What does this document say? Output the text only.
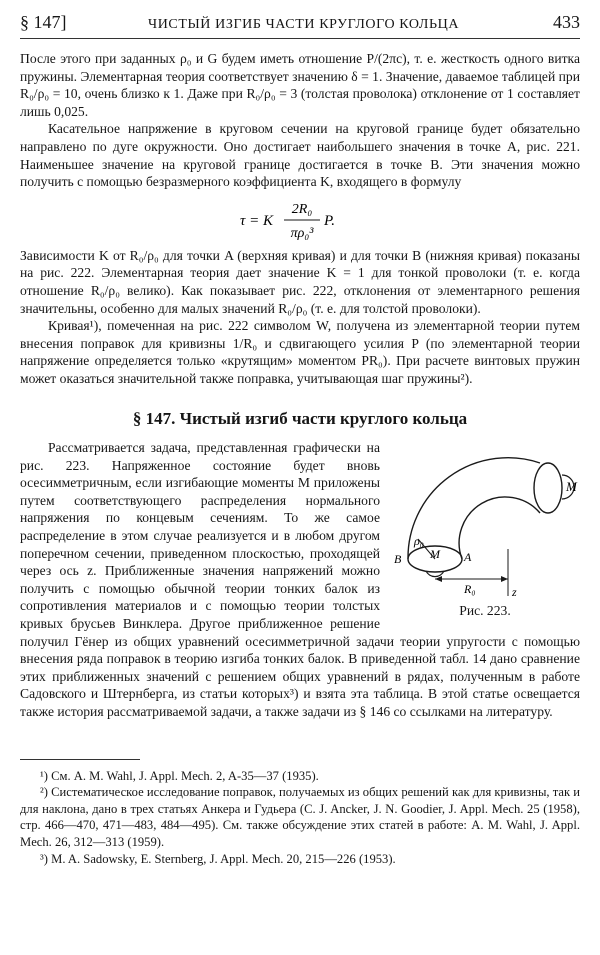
§ 147]	ЧИСТЫЙ ИЗГИБ ЧАСТИ КРУГЛОГО КОЛЬЦА	433

После этого при заданных ρ₀ и G будем иметь отношение P/(2πc), т. е. жесткость одного витка пружины. Элементарная теория соответствует значению δ = 1. Значение, даваемое таблицей при R₀/ρ₀ = 10, очень близко к 1. Даже при R₀/ρ₀ = 3 (толстая проволока) отклонение от 1 составляет лишь 0,025.

Касательное напряжение в круговом сечении на круговой границе будет обязательно направлено по дуге окружности. Оно достигает наибольшего значения в точке A, рис. 221. Наименьшее значение на круговой границе достигается в точке B. Эти значения можно получить с помощью безразмерного коэффициента K, входящего в формулу

τ = K
2R₀
πρ₀³
P.

Зависимости K от R₀/ρ₀ для точки A (верхняя кривая) и для точки B (нижняя кривая) показаны на рис. 222. Элементарная теория дает значение K = 1 для тонкой проволоки (т. е. когда отношение R₀/ρ₀ велико). Как показывает рис. 222, отклонения от элементарного решения значительны, особенно для малых значений R₀/ρ₀ (т. е. для толстой проволоки).

Кривая¹), помеченная на рис. 222 символом W, получена из элементарной теории путем внесения поправок для кривизны 1/R₀ и сдвигающего усилия P (по элементарной теории напряжение определяется только «крутящим» моментом PR₀). При расчете винтовых пружин может оказаться значительной также поправка, учитывающая шаг пружины²).

§ 147. Чистый изгиб части круглого кольца
M
M
ρ₀
A
B
R₀	z
Рис. 223.

Рассматривается задача, представленная графически на рис. 223. Напряженное состояние будет вновь осесимметричным, если изгибающие моменты M приложены путем соответствующего распределения нормального напряжения по концевым сечениям. То же самое распределение в этом случае реализуется и в любом другом поперечном сечении, приведенном плоскостью, проходящей через ось z. Приближенные значения напряжений можно получить с помощью обычной теории тонких балок из сопротивления материалов и с помощью теории толстых кривых брусьев Винклера. Другое приближенное решение получил Гёнер из общих уравнений осесимметричной задачи теории упругости с помощью внесения ряда поправок в теорию изгиба тонких балок. В приведенной табл. 14 дано сравнение этих приближенных значений с решением общих уравнений в рядах, полученным в работе Садовского и Штернберга, из статьи которых³) и взята эта таблица. В этой статье освещается также история рассматриваемой задачи, а также задачи из § 146 со ссылками на литературу.

¹) См. A. M. Wahl, J. Appl. Mech. 2, A-35—37 (1935).

²) Систематическое исследование поправок, получаемых из общих решений как для кривизны, так и для наклона, дано в трех статьях Анкера и Гудьера (C. J. Ancker, J. N. Goodier, J. Appl. Mech. 25 (1958), стр. 466—470, 471—483, 484—495). См. также обсуждение этих статей в работе: A. M. Wahl, J. Appl. Mech. 26, 312—313 (1959).

³) M. A. Sadowsky, E. Sternberg, J. Appl. Mech. 20, 215—226 (1953).
